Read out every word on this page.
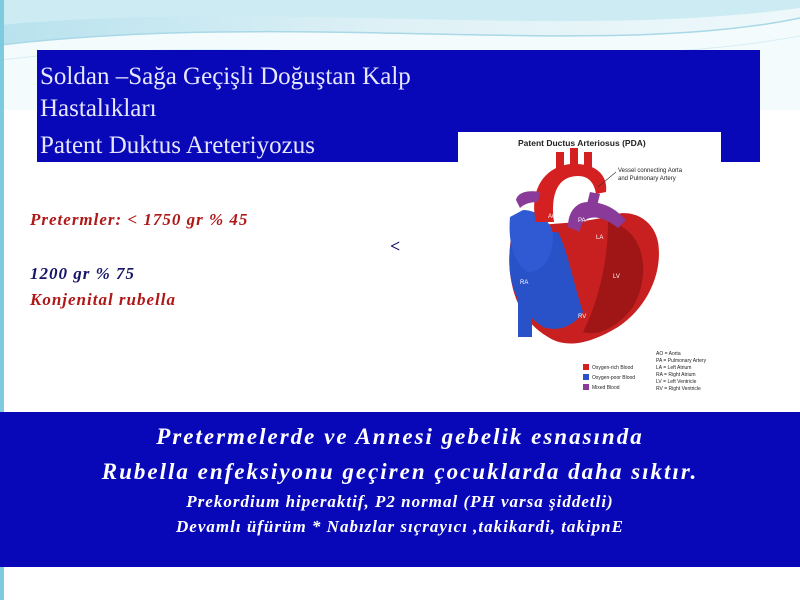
Soldan –Sağa Geçişli Doğuştan Kalp
Hastalıkları
Patent Duktus Areteriyozus
Pretermler: < 1750 gr % 45
<
1200 gr % 75
Konjenital rubella
Patent Ductus Arteriosus (PDA)
Vessel connecting Aorta
and Pulmonary Artery
AO
PA
LA
RA
LV
RV
Oxygen-rich Blood
Oxygen-poor Blood
Mixed Blood
AO = Aorta
PA = Pulmonary Artery
LA = Left Atrium
RA = Right Atrium
LV = Left Ventricle
RV = Right Ventricle
Pretermelerde ve Annesi gebelik esnasında
Rubella enfeksiyonu geçiren çocuklarda daha sıktır.
Prekordium hiperaktif, P2 normal (PH varsa şiddetli)
Devamlı üfürüm * Nabızlar sıçrayıcı ,takikardi, takipnE
